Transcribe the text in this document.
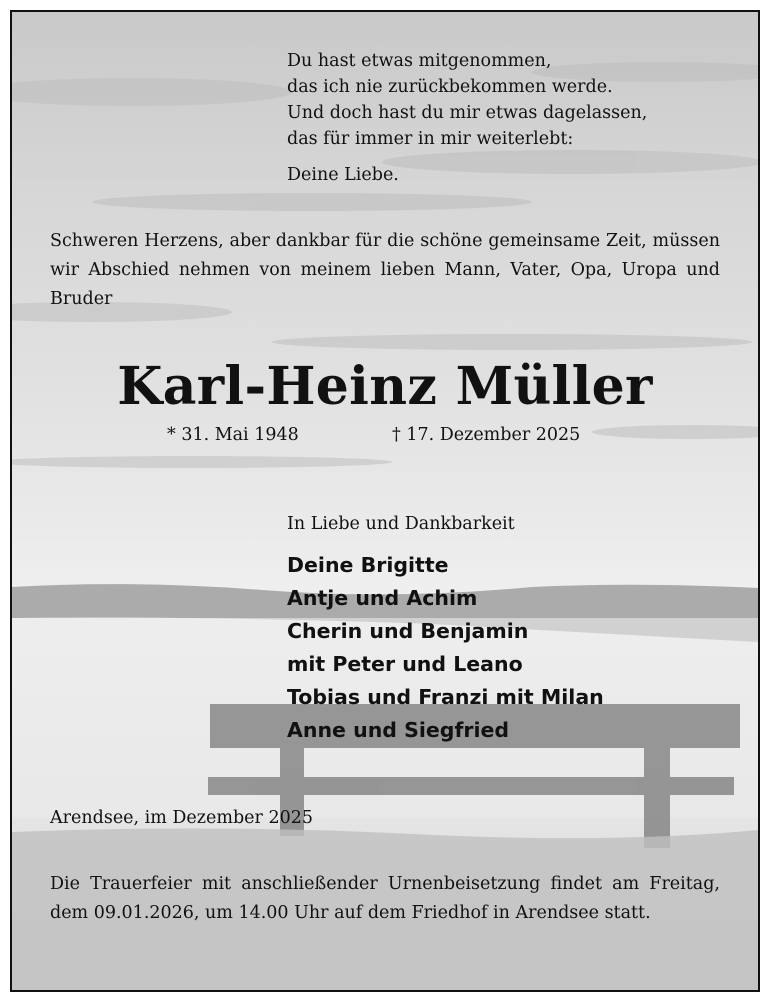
Du hast etwas mitgenommen,

das ich nie zurückbekommen werde.

Und doch hast du mir etwas dagelassen,

das für immer in mir weiterlebt:

Deine Liebe.

Schweren Herzens, aber dankbar für die schöne gemeinsame Zeit, müssen wir Abschied nehmen von meinem lieben Mann, Vater, Opa, Uropa und Bruder
Karl-Heinz Müller
* 31. Mai 1948	† 17. Dezember 2025
In Liebe und Dankbarkeit
Deine Brigitte
Antje und Achim
Cherin und Benjamin
mit Peter und Leano
Tobias und Franzi mit Milan
Anne und Siegfried
Arendsee, im Dezember 2025
Die Trauerfeier mit anschließender Urnenbeisetzung findet am Freitag, dem 09.01.2026, um 14.00 Uhr auf dem Friedhof in Arendsee statt.
